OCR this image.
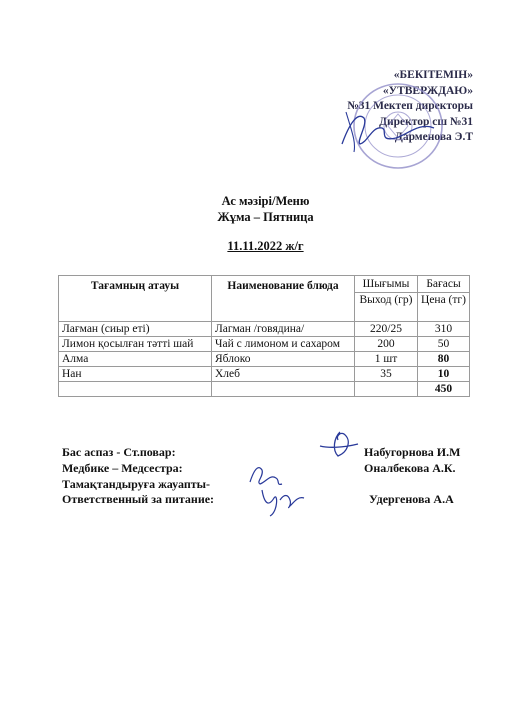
«БЕКІТЕМІН»
«УТВЕРЖДАЮ»
№31 Мектеп директоры
Директор сш №31
Дарменова Э.Т
Ас мәзірі/Меню
Жұма – Пятница
11.11.2022 ж/г
Тағамның атауы	Наименование блюда	Шығымы	Бағасы
		Выход (гр)	Цена (тг)
Лағман (сиыр еті)	Лагман /говядина/	220/25	310
Лимон қосылған тәтті шай	Чай с лимоном и сахаром	200	50
Алма	Яблоко	1 шт	80
Нан	Хлеб	35	10
			450
Бас аспаз - Ст.повар:	Набугорнова И.М
Медбике – Медсестра:	Оналбекова А.К.
Тамақтандыруға жауапты-
Ответственный за питание:	Удергенова А.А
